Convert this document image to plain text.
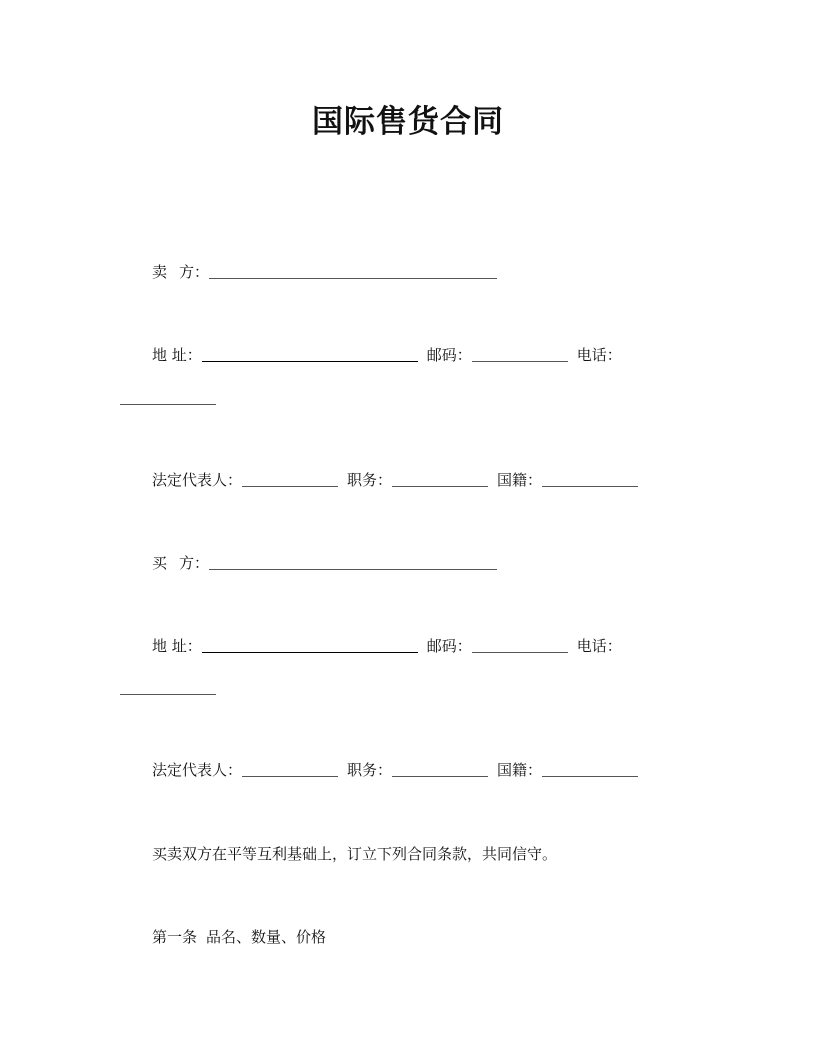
国际售货合同
卖 方：
地 址：	邮码：	电话：
法定代表人：	职务：	国籍：
买 方：
地 址：	邮码：	电话：
法定代表人：	职务：	国籍：
买卖双方在平等互利基础上，订立下列合同条款，共同信守。
第一条 品名、数量、价格
